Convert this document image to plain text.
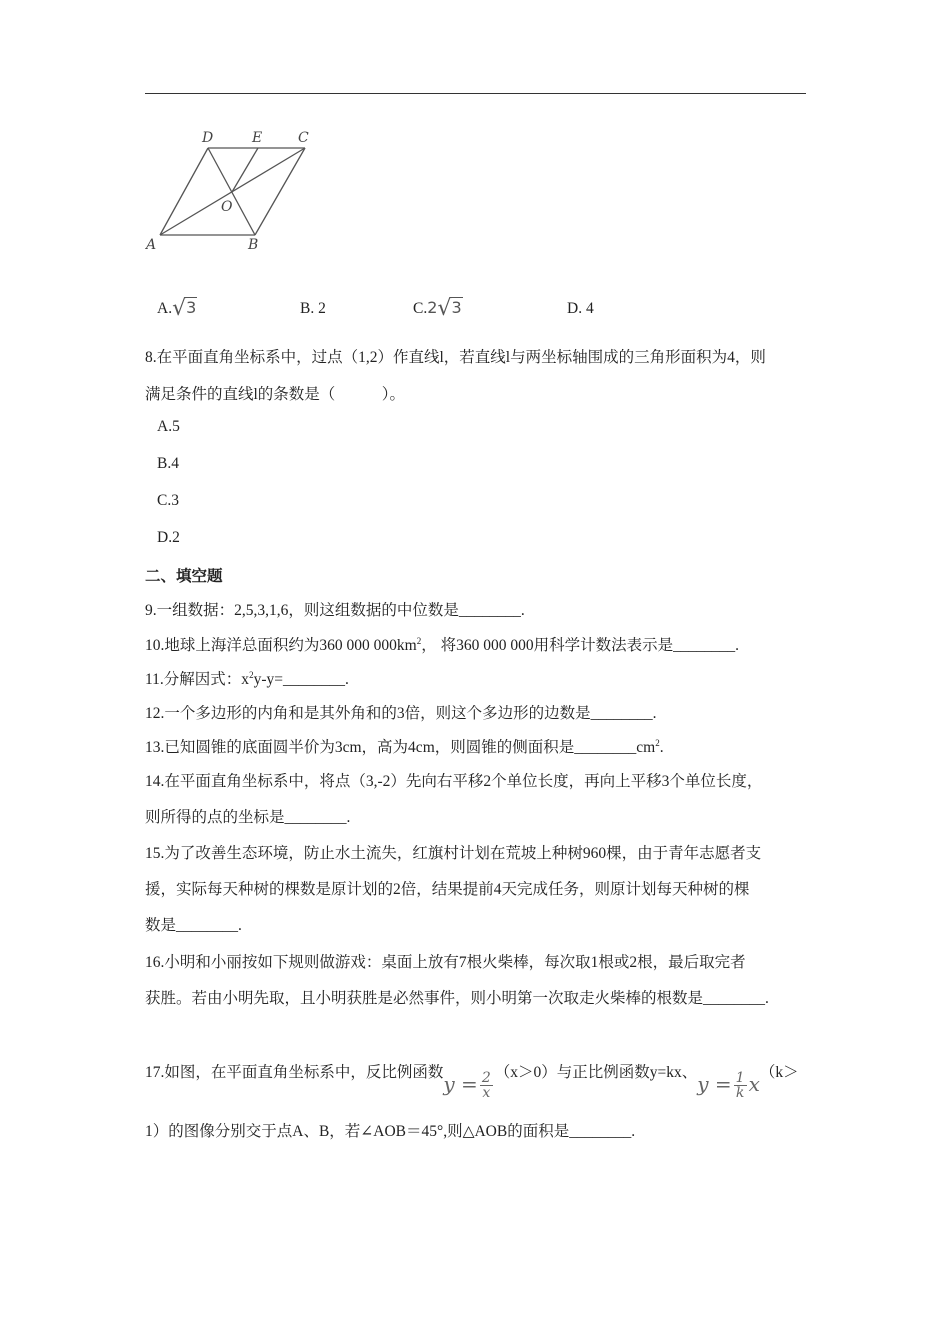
D	E	C
O
A	B
A.√3	B. 2	C.2√3	D. 4
8.在平面直角坐标系中，过点（1,2）作直线l，若直线l与两坐标轴围成的三角形面积为4，则
满足条件的直线l的条数是（　　　）。
A.5
B.4
C.3
D.2
二、填空题
9.一组数据：2,5,3,1,6，则这组数据的中位数是________.
10.地球上海洋总面积约为360 000 $000km^2$， 将360 000 000用科学计数法表示是________.
11.分解因式：$x^2y-y=\_\_\_\_\_\_\_\_$.
12.一个多边形的内角和是其外角和的3倍，则这个多边形的边数是________.
13.已知圆锥的底面圆半价为3cm，高为4cm，则圆锥的侧面积是$\_\_\_\_\_\_\_\_cm^2$.
14.在平面直角坐标系中，将点（3,-2）先向右平移2个单位长度，再向上平移3个单位长度，
则所得的点的坐标是________.
15.为了改善生态环境，防止水土流失，红旗村计划在荒坡上种树960棵，由于青年志愿者支
援，实际每天种树的棵数是原计划的2倍，结果提前4天完成任务，则原计划每天种树的棵
数是________.
16.小明和小丽按如下规则做游戏：桌面上放有7根火柴棒，每次取1根或2根，最后取完者
获胜。若由小明先取，且小明获胜是必然事件，则小明第一次取走火柴棒的根数是________.
17.如图，在平面直角坐标系中，反比例函数$y = \frac{2}{x} (x>0)$与正比例函数y=kx、$y = \frac{1}{k} x(k>$
1）的图像分别交于点A、B，若∠AOB＝45°,则△AOB的面积是________.
